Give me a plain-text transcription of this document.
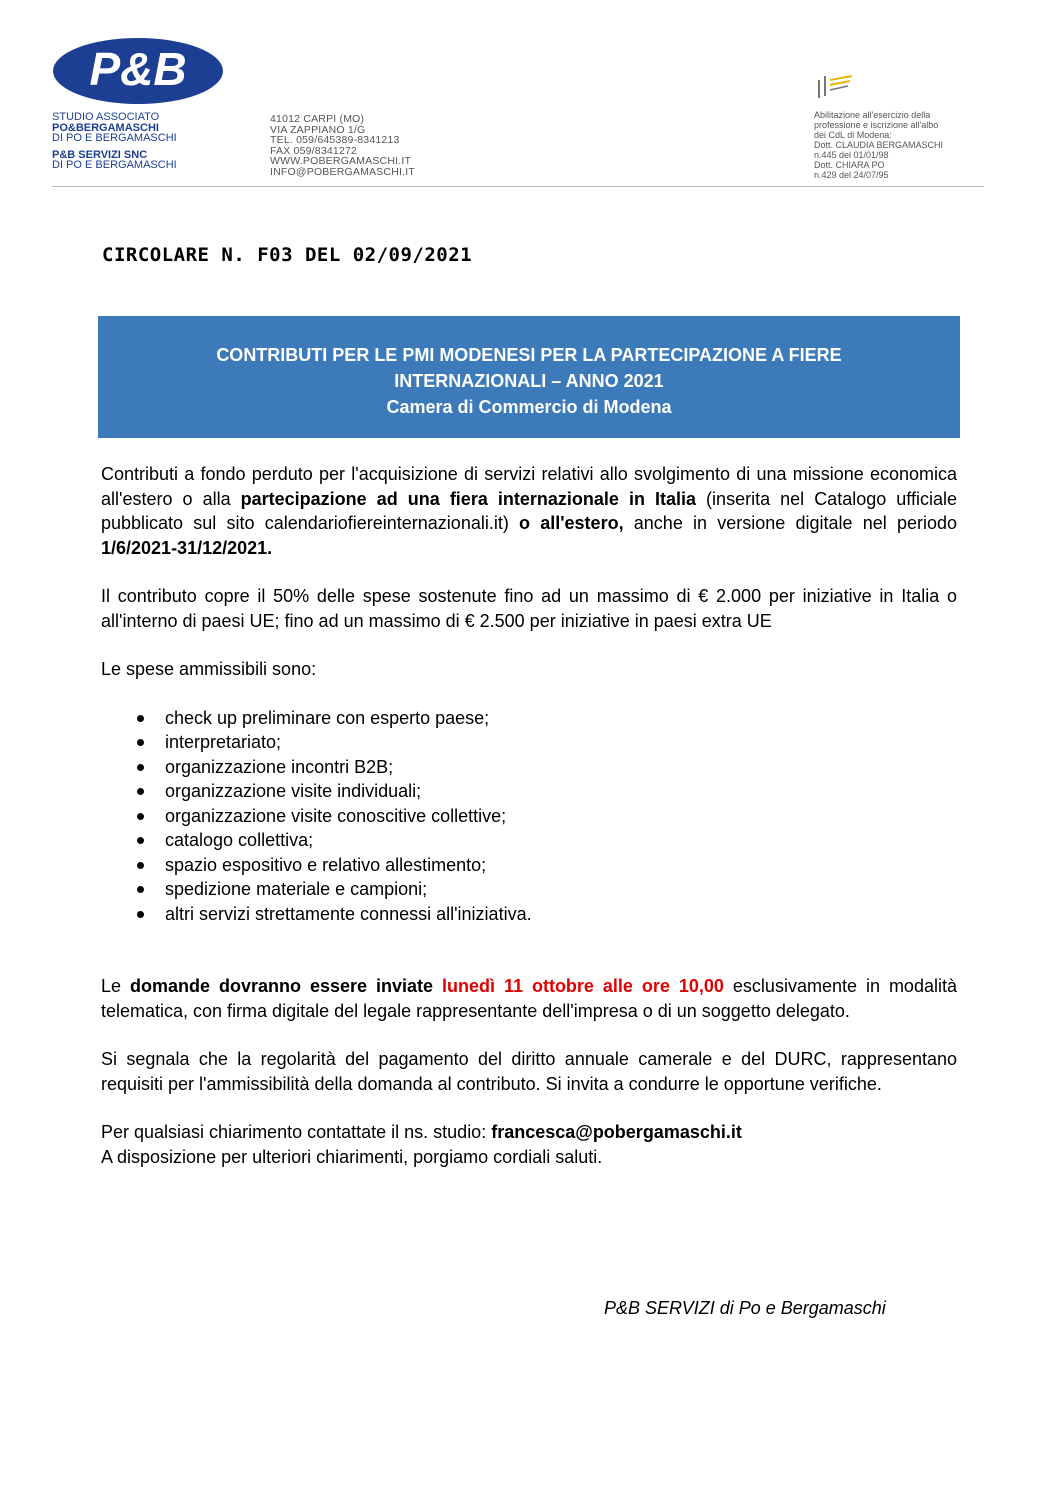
P&B
STUDIO ASSOCIATO
PO&BERGAMASCHI
DI PO E BERGAMASCHI
P&B SERVIZI SNC
DI PO E BERGAMASCHI
41012 CARPI (MO)
VIA ZAPPIANO 1/G
TEL. 059/645389-8341213
FAX 059/8341272
WWW.POBERGAMASCHI.IT
INFO@POBERGAMASCHI.IT
Abilitazione all'esercizio della
professione e iscrizione all'albo
dei CdL di Modena:
Dott. CLAUDIA BERGAMASCHI
n.445 del 01/01/98
Dott. CHIARA PO
n.429 del 24/07/95
CIRCOLARE N. F03 DEL 02/09/2021
CONTRIBUTI PER LE PMI MODENESI PER LA PARTECIPAZIONE A FIERE
INTERNAZIONALI – ANNO 2021
Camera di Commercio di Modena

Contributi a fondo perduto per l'acquisizione di servizi relativi allo svolgimento di una missione economica all'estero o alla partecipazione ad una fiera internazionale in Italia (inserita nel Catalogo ufficiale pubblicato sul sito calendariofiereinternazionali.it) o all'estero, anche in versione digitale nel periodo 1/6/2021-31/12/2021.

Il contributo copre il 50% delle spese sostenute fino ad un massimo di € 2.000 per iniziative in Italia o all'interno di paesi UE; fino ad un massimo di € 2.500 per iniziative in paesi extra UE

Le spese ammissibili sono:

check up preliminare con esperto paese;
interpretariato;
organizzazione incontri B2B;
organizzazione visite individuali;
organizzazione visite conoscitive collettive;
catalogo collettiva;
spazio espositivo e relativo allestimento;
spedizione materiale e campioni;
altri servizi strettamente connessi all'iniziativa.

Le domande dovranno essere inviate lunedì 11 ottobre alle ore 10,00 esclusivamente in modalità telematica, con firma digitale del legale rappresentante dell'impresa o di un soggetto delegato.

Si segnala che la regolarità del pagamento del diritto annuale camerale e del DURC, rappresentano requisiti per l'ammissibilità della domanda al contributo. Si invita a condurre le opportune verifiche.

Per qualsiasi chiarimento contattate il ns. studio: francesca@pobergamaschi.it

A disposizione per ulteriori chiarimenti, porgiamo cordiali saluti.

P&B SERVIZI di Po e Bergamaschi
